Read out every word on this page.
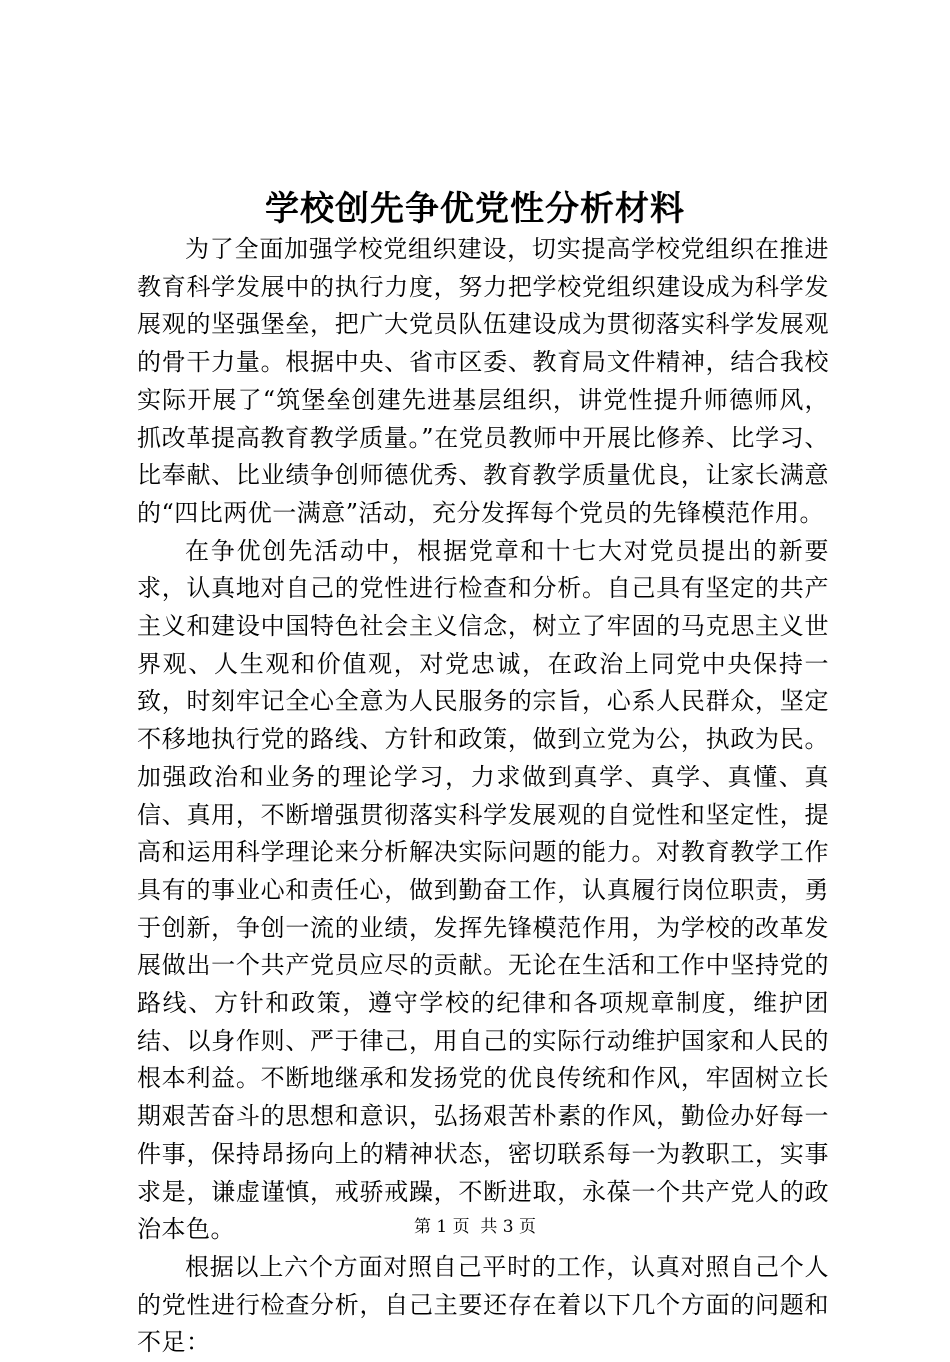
学校创先争优党性分析材料

为了全面加强学校党组织建设，切实提高学校党组织在推进教育科学发展中的执行力度，努力把学校党组织建设成为科学发展观的坚强堡垒，把广大党员队伍建设成为贯彻落实科学发展观的骨干力量。根据中央、省市区委、教育局文件精神，结合我校实际开展了“筑堡垒创建先进基层组织，讲党性提升师德师风，抓改革提高教育教学质量。”在党员教师中开展比修养、比学习、比奉献、比业绩争创师德优秀、教育教学质量优良，让家长满意的“四比两优一满意”活动，充分发挥每个党员的先锋模范作用。

在争优创先活动中，根据党章和十七大对党员提出的新要求，认真地对自己的党性进行检查和分析。自己具有坚定的共产主义和建设中国特色社会主义信念，树立了牢固的马克思主义世界观、人生观和价值观，对党忠诚，在政治上同党中央保持一致，时刻牢记全心全意为人民服务的宗旨，心系人民群众，坚定不移地执行党的路线、方针和政策，做到立党为公，执政为民。加强政治和业务的理论学习，力求做到真学、真学、真懂、真信、真用，不断增强贯彻落实科学发展观的自觉性和坚定性，提高和运用科学理论来分析解决实际问题的能力。对教育教学工作具有的事业心和责任心，做到勤奋工作，认真履行岗位职责，勇于创新，争创一流的业绩，发挥先锋模范作用，为学校的改革发展做出一个共产党员应尽的贡献。无论在生活和工作中坚持党的路线、方针和政策，遵守学校的纪律和各项规章制度，维护团结、以身作则、严于律己，用自己的实际行动维护国家和人民的根本利益。不断地继承和发扬党的优良传统和作风，牢固树立长期艰苦奋斗的思想和意识，弘扬艰苦朴素的作风，勤俭办好每一件事，保持昂扬向上的精神状态，密切联系每一为教职工，实事求是，谦虚谨慎，戒骄戒躁，不断进取，永葆一个共产党人的政治本色。

根据以上六个方面对照自己平时的工作，认真对照自己个人的党性进行检查分析，自己主要还存在着以下几个方面的问题和不足：

第 1 页 共 3 页
